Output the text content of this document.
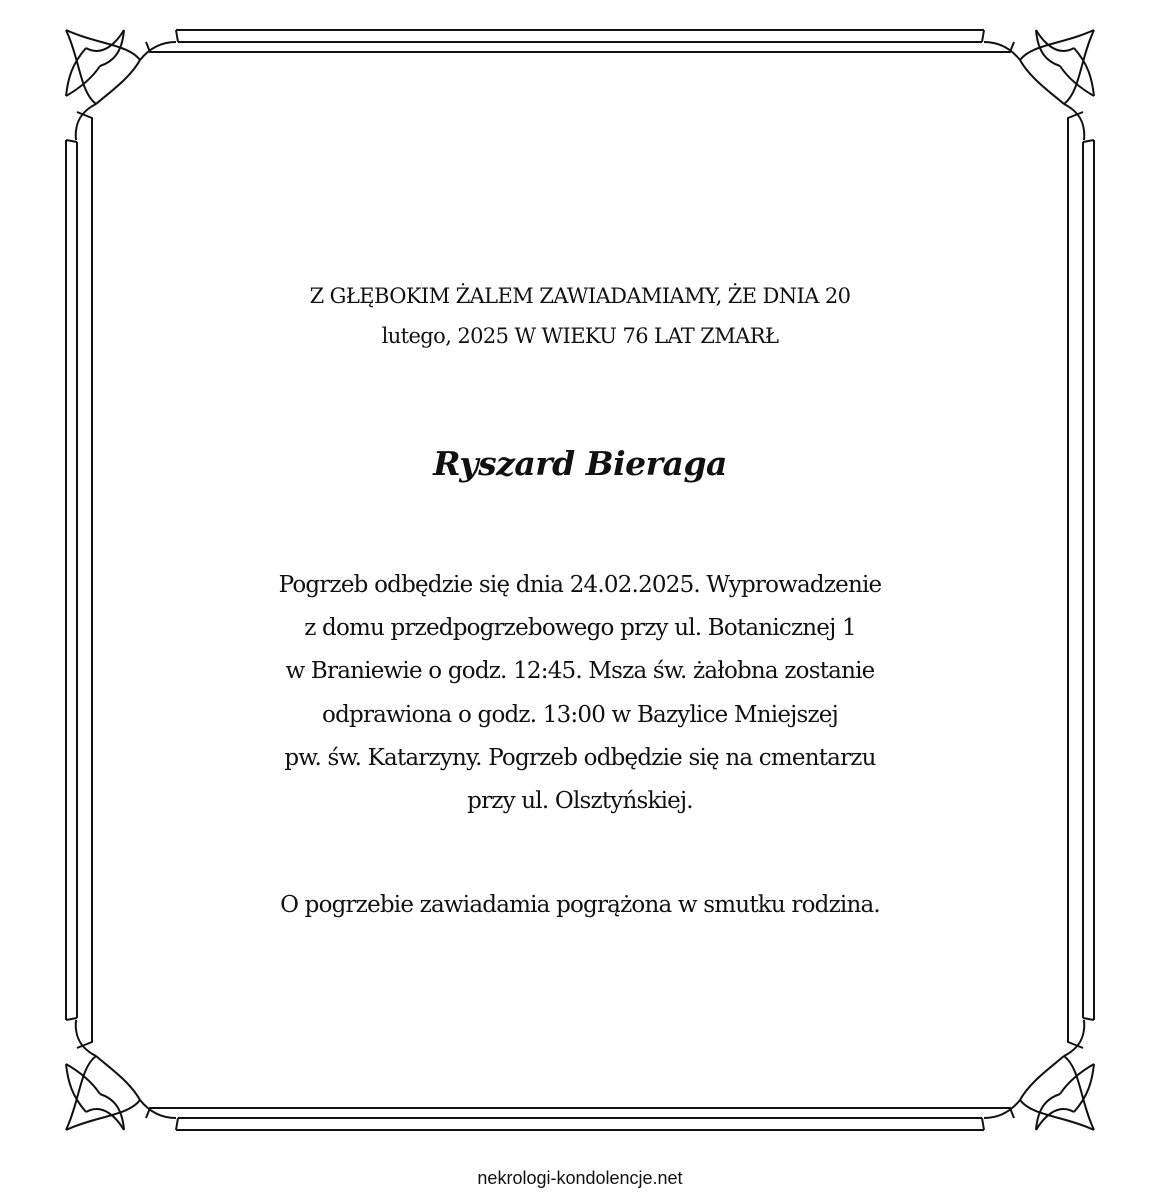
Z GŁĘBOKIM ŻALEM ZAWIADAMIAMY, ŻE DNIA 20
lutego, 2025 W WIEKU 76 LAT ZMARŁ
Ryszard Bieraga
Pogrzeb odbędzie się dnia 24.02.2025. Wyprowadzenie
z domu przedpogrzebowego przy ul. Botanicznej 1
w Braniewie o godz. 12:45. Msza św. żałobna zostanie
odprawiona o godz. 13:00 w Bazylice Mniejszej
pw. św. Katarzyny. Pogrzeb odbędzie się na cmentarzu
przy ul. Olsztyńskiej.
O pogrzebie zawiadamia pogrążona w smutku rodzina.
nekrologi-kondolencje.net
